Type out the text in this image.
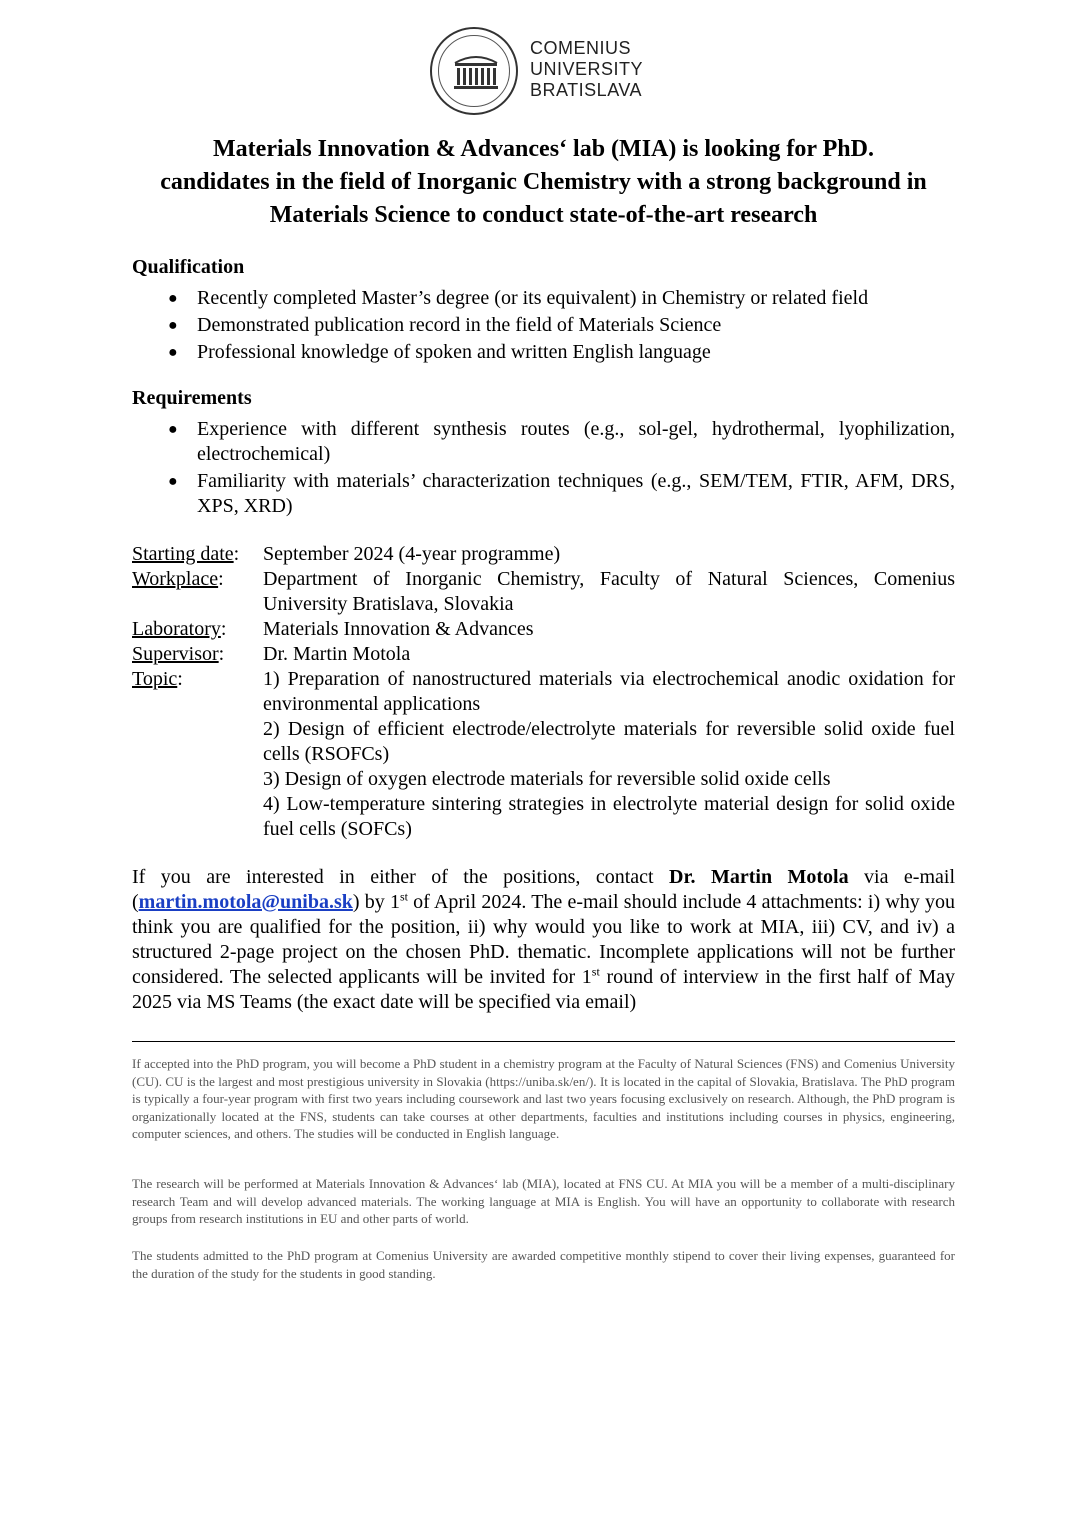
COMENIUS
UNIVERSITY
BRATISLAVA
Materials Innovation & Advances‘ lab (MIA) is looking for PhD.
candidates in the field of Inorganic Chemistry with a strong background in
Materials Science to conduct state-of-the-art research
Qualification
● Recently completed Master’s degree (or its equivalent) in Chemistry or related field
● Demonstrated publication record in the field of Materials Science
● Professional knowledge of spoken and written English language
Requirements
● Experience with different synthesis routes (e.g., sol-gel, hydrothermal, lyophilization, electrochemical)
● Familiarity with materials’ characterization techniques (e.g., SEM/TEM, FTIR, AFM, DRS, XPS, XRD)
Starting date:	September 2024 (4-year programme)
Workplace:	Department of Inorganic Chemistry, Faculty of Natural Sciences, Comenius University Bratislava, Slovakia
Laboratory:	Materials Innovation & Advances
Supervisor:	Dr. Martin Motola
Topic:	1) Preparation of nanostructured materials via electrochemical anodic oxidation for environmental applications
2) Design of efficient electrode/electrolyte materials for reversible solid oxide fuel cells (RSOFCs)
3) Design of oxygen electrode materials for reversible solid oxide cells
4) Low-temperature sintering strategies in electrolyte material design for solid oxide fuel cells (SOFCs)
If you are interested in either of the positions, contact Dr. Martin Motola via e-mail (martin.motola@uniba.sk) by 1st of April 2024. The e-mail should include 4 attachments: i) why you think you are qualified for the position, ii) why would you like to work at MIA, iii) CV, and iv) a structured 2-page project on the chosen PhD. thematic. Incomplete applications will not be further considered. The selected applicants will be invited for 1st round of interview in the first half of May 2025 via MS Teams (the exact date will be specified via email)
If accepted into the PhD program, you will become a PhD student in a chemistry program at the Faculty of Natural Sciences (FNS) and Comenius University (CU). CU is the largest and most prestigious university in Slovakia (https://uniba.sk/en/). It is located in the capital of Slovakia, Bratislava. The PhD program is typically a four-year program with first two years including coursework and last two years focusing exclusively on research. Although, the PhD program is organizationally located at the FNS, students can take courses at other departments, faculties and institutions including courses in physics, engineering, computer sciences, and others. The studies will be conducted in English language.
The research will be performed at Materials Innovation & Advances‘ lab (MIA), located at FNS CU. At MIA you will be a member of a multi-disciplinary research Team and will develop advanced materials. The working language at MIA is English. You will have an opportunity to collaborate with research groups from research institutions in EU and other parts of world.
The students admitted to the PhD program at Comenius University are awarded competitive monthly stipend to cover their living expenses, guaranteed for the duration of the study for the students in good standing.
